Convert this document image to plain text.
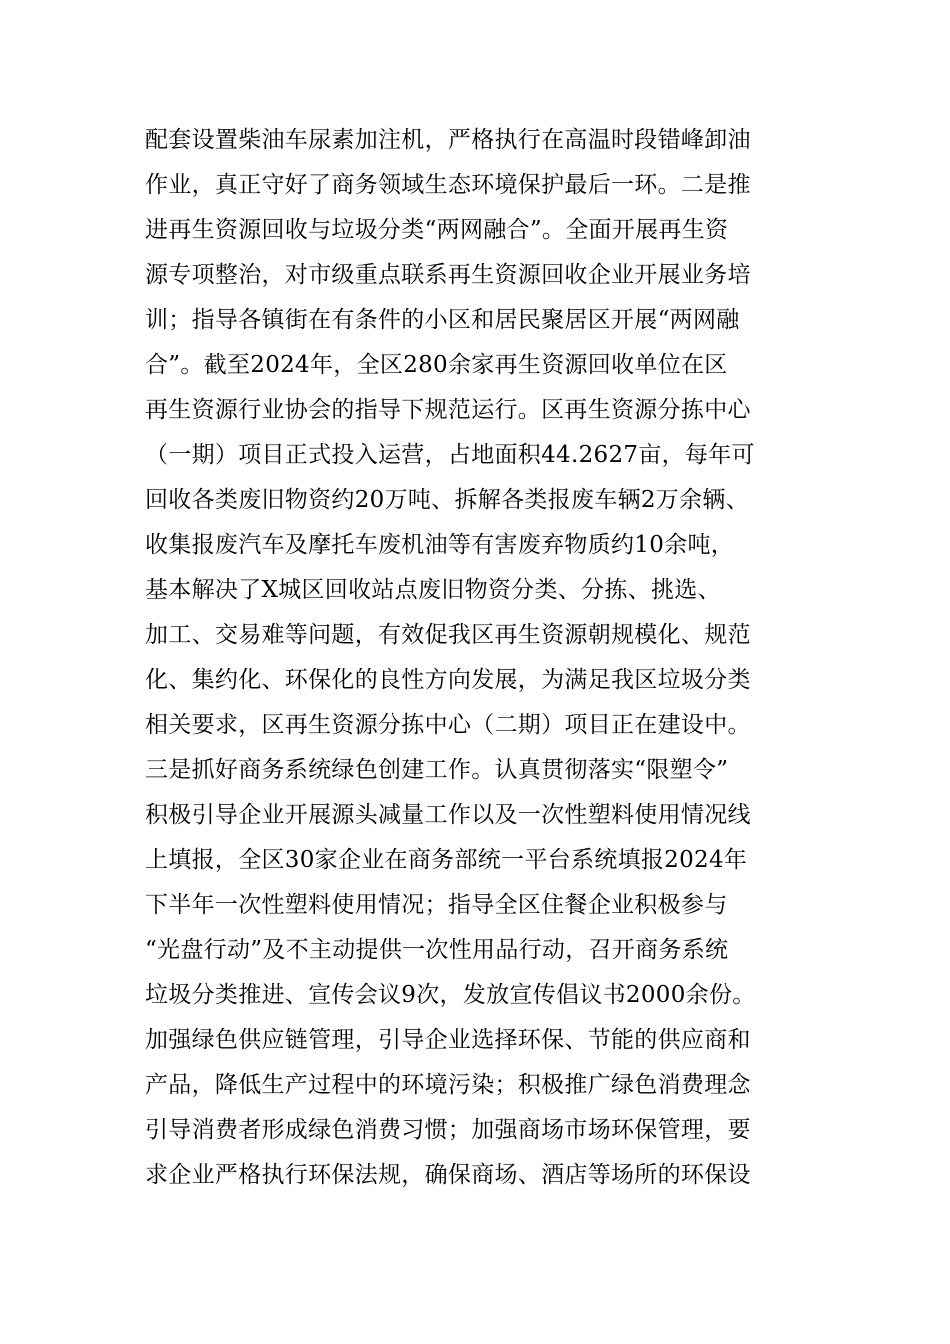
配套设置柴油车尿素加注机，严格执行在高温时段错峰卸油
作业，真正守好了商务领域生态环境保护最后一环。二是推
进再生资源回收与垃圾分类“两网融合”。全面开展再生资
源专项整治，对市级重点联系再生资源回收企业开展业务培
训；指导各镇街在有条件的小区和居民聚居区开展“两网融
合”。截至2024年，全区280余家再生资源回收单位在区
再生资源行业协会的指导下规范运行。区再生资源分拣中心
（一期）项目正式投入运营，占地面积44.2627亩，每年可
回收各类废旧物资约20万吨、拆解各类报废车辆2万余辆、
收集报废汽车及摩托车废机油等有害废弃物质约10余吨，
基本解决了X城区回收站点废旧物资分类、分拣、挑选、
加工、交易难等问题，有效促我区再生资源朝规模化、规范
化、集约化、环保化的良性方向发展，为满足我区垃圾分类
相关要求，区再生资源分拣中心（二期）项目正在建设中。
三是抓好商务系统绿色创建工作。认真贯彻落实“限塑令”
积极引导企业开展源头减量工作以及一次性塑料使用情况线
上填报，全区30家企业在商务部统一平台系统填报2024年
下半年一次性塑料使用情况；指导全区住餐企业积极参与
“光盘行动”及不主动提供一次性用品行动，召开商务系统
垃圾分类推进、宣传会议9次，发放宣传倡议书2000余份。
加强绿色供应链管理，引导企业选择环保、节能的供应商和
产品，降低生产过程中的环境污染；积极推广绿色消费理念
引导消费者形成绿色消费习惯；加强商场市场环保管理，要
求企业严格执行环保法规，确保商场、酒店等场所的环保设
